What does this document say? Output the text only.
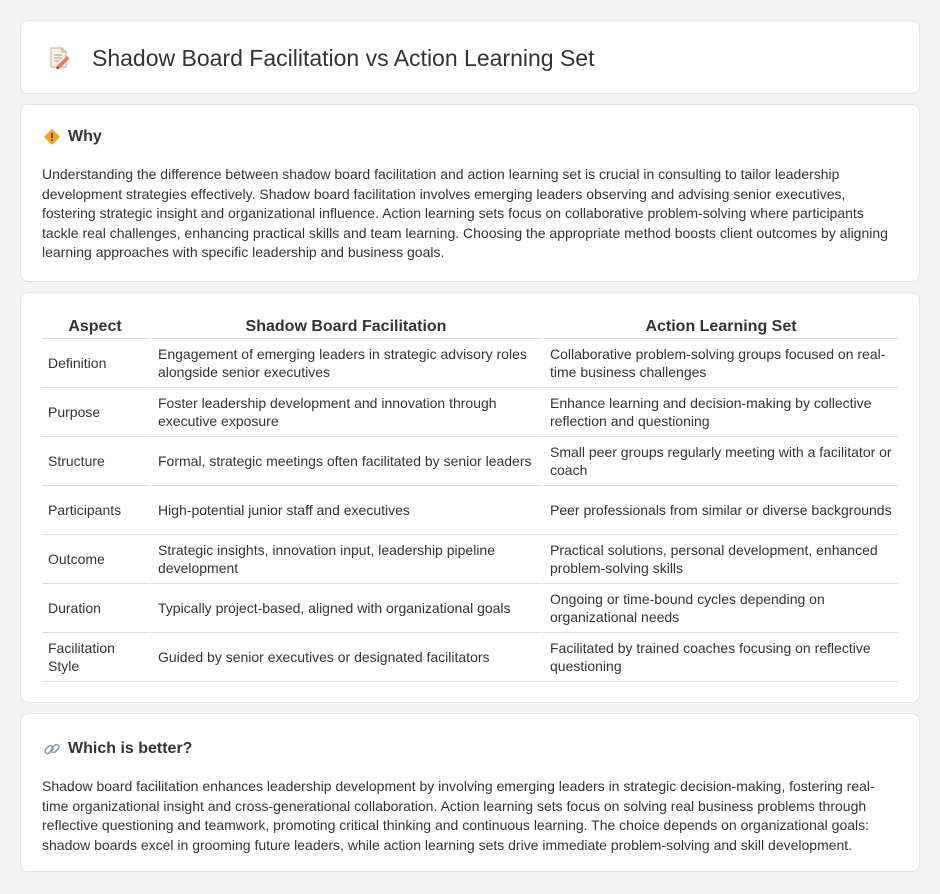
Shadow Board Facilitation vs Action Learning Set
Why

Understanding the difference between shadow board facilitation and action learning set is crucial in consulting to tailor leadership development strategies effectively. Shadow board facilitation involves emerging leaders observing and advising senior executives, fostering strategic insight and organizational influence. Action learning sets focus on collaborative problem-solving where participants tackle real challenges, enhancing practical skills and team learning. Choosing the appropriate method boosts client outcomes by aligning learning approaches with specific leadership and business goals.

Aspect	Shadow Board Facilitation	Action Learning Set
Definition	Engagement of emerging leaders in strategic advisory roles alongside senior executives	Collaborative problem-solving groups focused on real-time business challenges
Purpose	Foster leadership development and innovation through executive exposure	Enhance learning and decision-making by collective reflection and questioning
Structure	Formal, strategic meetings often facilitated by senior leaders	Small peer groups regularly meeting with a facilitator or coach
Participants	High-potential junior staff and executives	Peer professionals from similar or diverse backgrounds
Outcome	Strategic insights, innovation input, leadership pipeline development	Practical solutions, personal development, enhanced problem-solving skills
Duration	Typically project-based, aligned with organizational goals	Ongoing or time-bound cycles depending on organizational needs
Facilitation Style	Guided by senior executives or designated facilitators	Facilitated by trained coaches focusing on reflective questioning
Which is better?

Shadow board facilitation enhances leadership development by involving emerging leaders in strategic decision-making, fostering real-time organizational insight and cross-generational collaboration. Action learning sets focus on solving real business problems through reflective questioning and teamwork, promoting critical thinking and continuous learning. The choice depends on organizational goals: shadow boards excel in grooming future leaders, while action learning sets drive immediate problem-solving and skill development.
